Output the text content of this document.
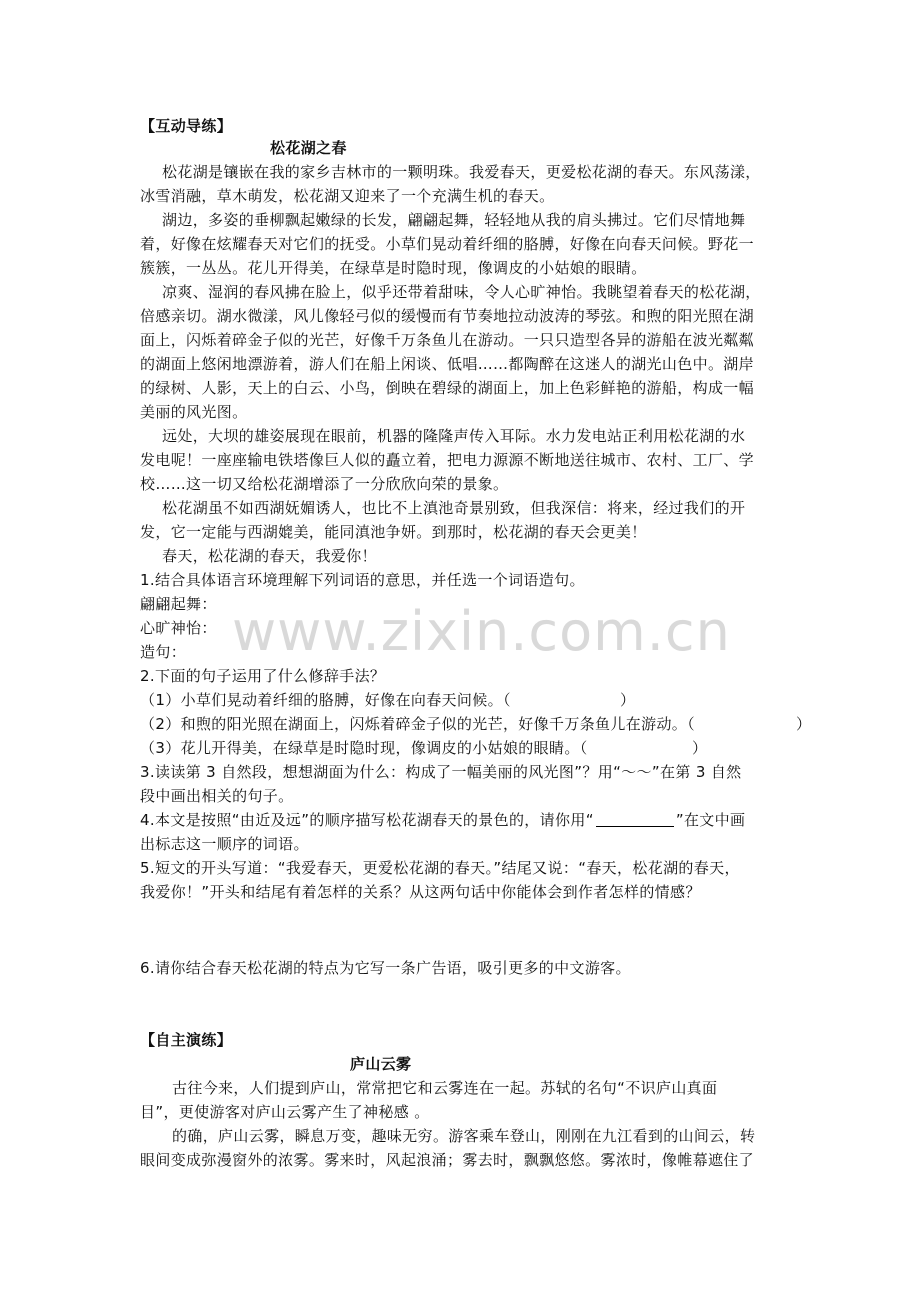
www.zixin.com.cn
【互动导练】
松花湖之春
松花湖是镶嵌在我的家乡吉林市的一颗明珠。我爱春天，更爱松花湖的春天。东风荡漾，
冰雪消融，草木萌发，松花湖又迎来了一个充满生机的春天。
湖边，多姿的垂柳飘起嫩绿的长发，翩翩起舞，轻轻地从我的肩头拂过。它们尽情地舞
着，好像在炫耀春天对它们的抚受。小草们晃动着纤细的胳膊，好像在向春天问候。野花一
簇簇，一丛丛。花儿开得美，在绿草是时隐时现，像调皮的小姑娘的眼睛。
凉爽、湿润的春风拂在脸上，似乎还带着甜味，令人心旷神怡。我眺望着春天的松花湖，
倍感亲切。湖水微漾，风儿像轻弓似的缓慢而有节奏地拉动波涛的琴弦。和煦的阳光照在湖
面上，闪烁着碎金子似的光芒，好像千万条鱼儿在游动。一只只造型各异的游船在波光粼粼
的湖面上悠闲地漂游着，游人们在船上闲谈、低唱……都陶醉在这迷人的湖光山色中。湖岸
的绿树、人影，天上的白云、小鸟，倒映在碧绿的湖面上，加上色彩鲜艳的游船，构成一幅
美丽的风光图。
远处，大坝的雄姿展现在眼前，机器的隆隆声传入耳际。水力发电站正利用松花湖的水
发电呢！一座座输电铁塔像巨人似的矗立着，把电力源源不断地送往城市、农村、工厂、学
校……这一切又给松花湖增添了一分欣欣向荣的景象。
松花湖虽不如西湖妩媚诱人，也比不上滇池奇景别致，但我深信：将来，经过我们的开
发，它一定能与西湖媲美，能同滇池争妍。到那时，松花湖的春天会更美！
春天，松花湖的春天，我爱你！
1.结合具体语言环境理解下列词语的意思，并任选一个词语造句。
翩翩起舞：
心旷神怡：
造句：
2.下面的句子运用了什么修辞手法？
（1）小草们晃动着纤细的胳膊，好像在向春天问候。（	）
（2）和煦的阳光照在湖面上，闪烁着碎金子似的光芒，好像千万条鱼儿在游动。（	）
（3）花儿开得美，在绿草是时隐时现，像调皮的小姑娘的眼睛。（	）
3.读读第 3 自然段，想想湖面为什么：构成了一幅美丽的风光图”？用“～～”在第 3 自然
段中画出相关的句子。
4.本文是按照“由近及远”的顺序描写松花湖春天的景色的，请你用“	”在文中画
出标志这一顺序的词语。
5.短文的开头写道：“我爱春天，更爱松花湖的春天。”结尾又说：“春天，松花湖的春天，
我爱你！”开头和结尾有着怎样的关系？从这两句话中你能体会到作者怎样的情感？
6.请你结合春天松花湖的特点为它写一条广告语，吸引更多的中文游客。
【自主演练】
庐山云雾
古往今来，人们提到庐山，常常把它和云雾连在一起。苏轼的名句“不识庐山真面
目”，更使游客对庐山云雾产生了神秘感 。
的确，庐山云雾，瞬息万变，趣味无穷。游客乘车登山，刚刚在九江看到的山间云，转
眼间变成弥漫窗外的浓雾。雾来时，风起浪涌；雾去时，飘飘悠悠。雾浓时，像帷幕遮住了
